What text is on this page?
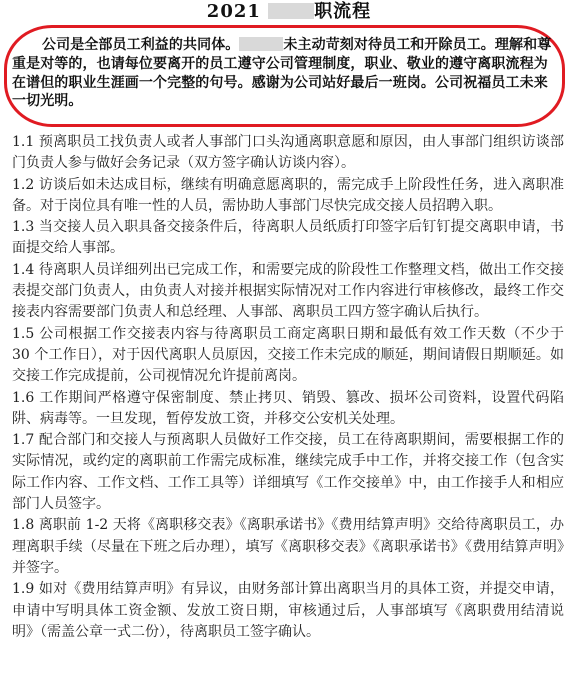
2021	职流程
公司是全部员工利益的共同体。	未主动苛刻对待员工和开除员工。理解和尊重是对等的，也请每位要离开的员工遵守公司管理制度，职业、敬业的遵守离职流程为在谱但的职业生涯画一个完整的句号。感谢为公司站好最后一班岗。公司祝福员工未来一切光明。

1.1 预离职员工找负责人或者人事部门口头沟通离职意愿和原因，由人事部门组织访谈部门负责人参与做好会务记录（双方签字确认访谈内容）。

1.2 访谈后如未达成目标，继续有明确意愿离职的，需完成手上阶段性任务，进入离职准备。对于岗位具有唯一性的人员，需协助人事部门尽快完成交接人员招聘入职。

1.3 当交接人员入职具备交接条件后，待离职人员纸质打印签字后钉钉提交离职申请，书面提交给人事部。

1.4 待离职人员详细列出已完成工作，和需要完成的阶段性工作整理文档，做出工作交接表提交部门负责人，由负责人对接并根据实际情况对工作内容进行审核修改，最终工作交接表内容需要部门负责人和总经理、人事部、离职员工四方签字确认后执行。

1.5 公司根据工作交接表内容与待离职员工商定离职日期和最低有效工作天数（不少于 30 个工作日），对于因代离职人员原因，交接工作未完成的顺延，期间请假日期顺延。如交接工作完成提前，公司视情况允许提前离岗。

1.6 工作期间严格遵守保密制度、禁止拷贝、销毁、篡改、损坏公司资料，设置代码陷阱、病毒等。一旦发现，暂停发放工资，并移交公安机关处理。

1.7 配合部门和交接人与预离职人员做好工作交接，员工在待离职期间，需要根据工作的实际情况，或约定的离职前工作需完成标准，继续完成手中工作，并将交接工作（包含实际工作内容、工作文档、工作工具等）详细填写《工作交接单》中，由工作接手人和相应部门人员签字。

1.8 离职前 1-2 天将《离职移交表》《离职承诺书》《费用结算声明》交给待离职员工，办理离职手续（尽量在下班之后办理），填写《离职移交表》《离职承诺书》《费用结算声明》并签字。

1.9 如对《费用结算声明》有异议，由财务部计算出离职当月的具体工资，并提交申请，申请中写明具体工资金额、发放工资日期，审核通过后，人事部填写《离职费用结清说明》（需盖公章一式二份），待离职员工签字确认。
